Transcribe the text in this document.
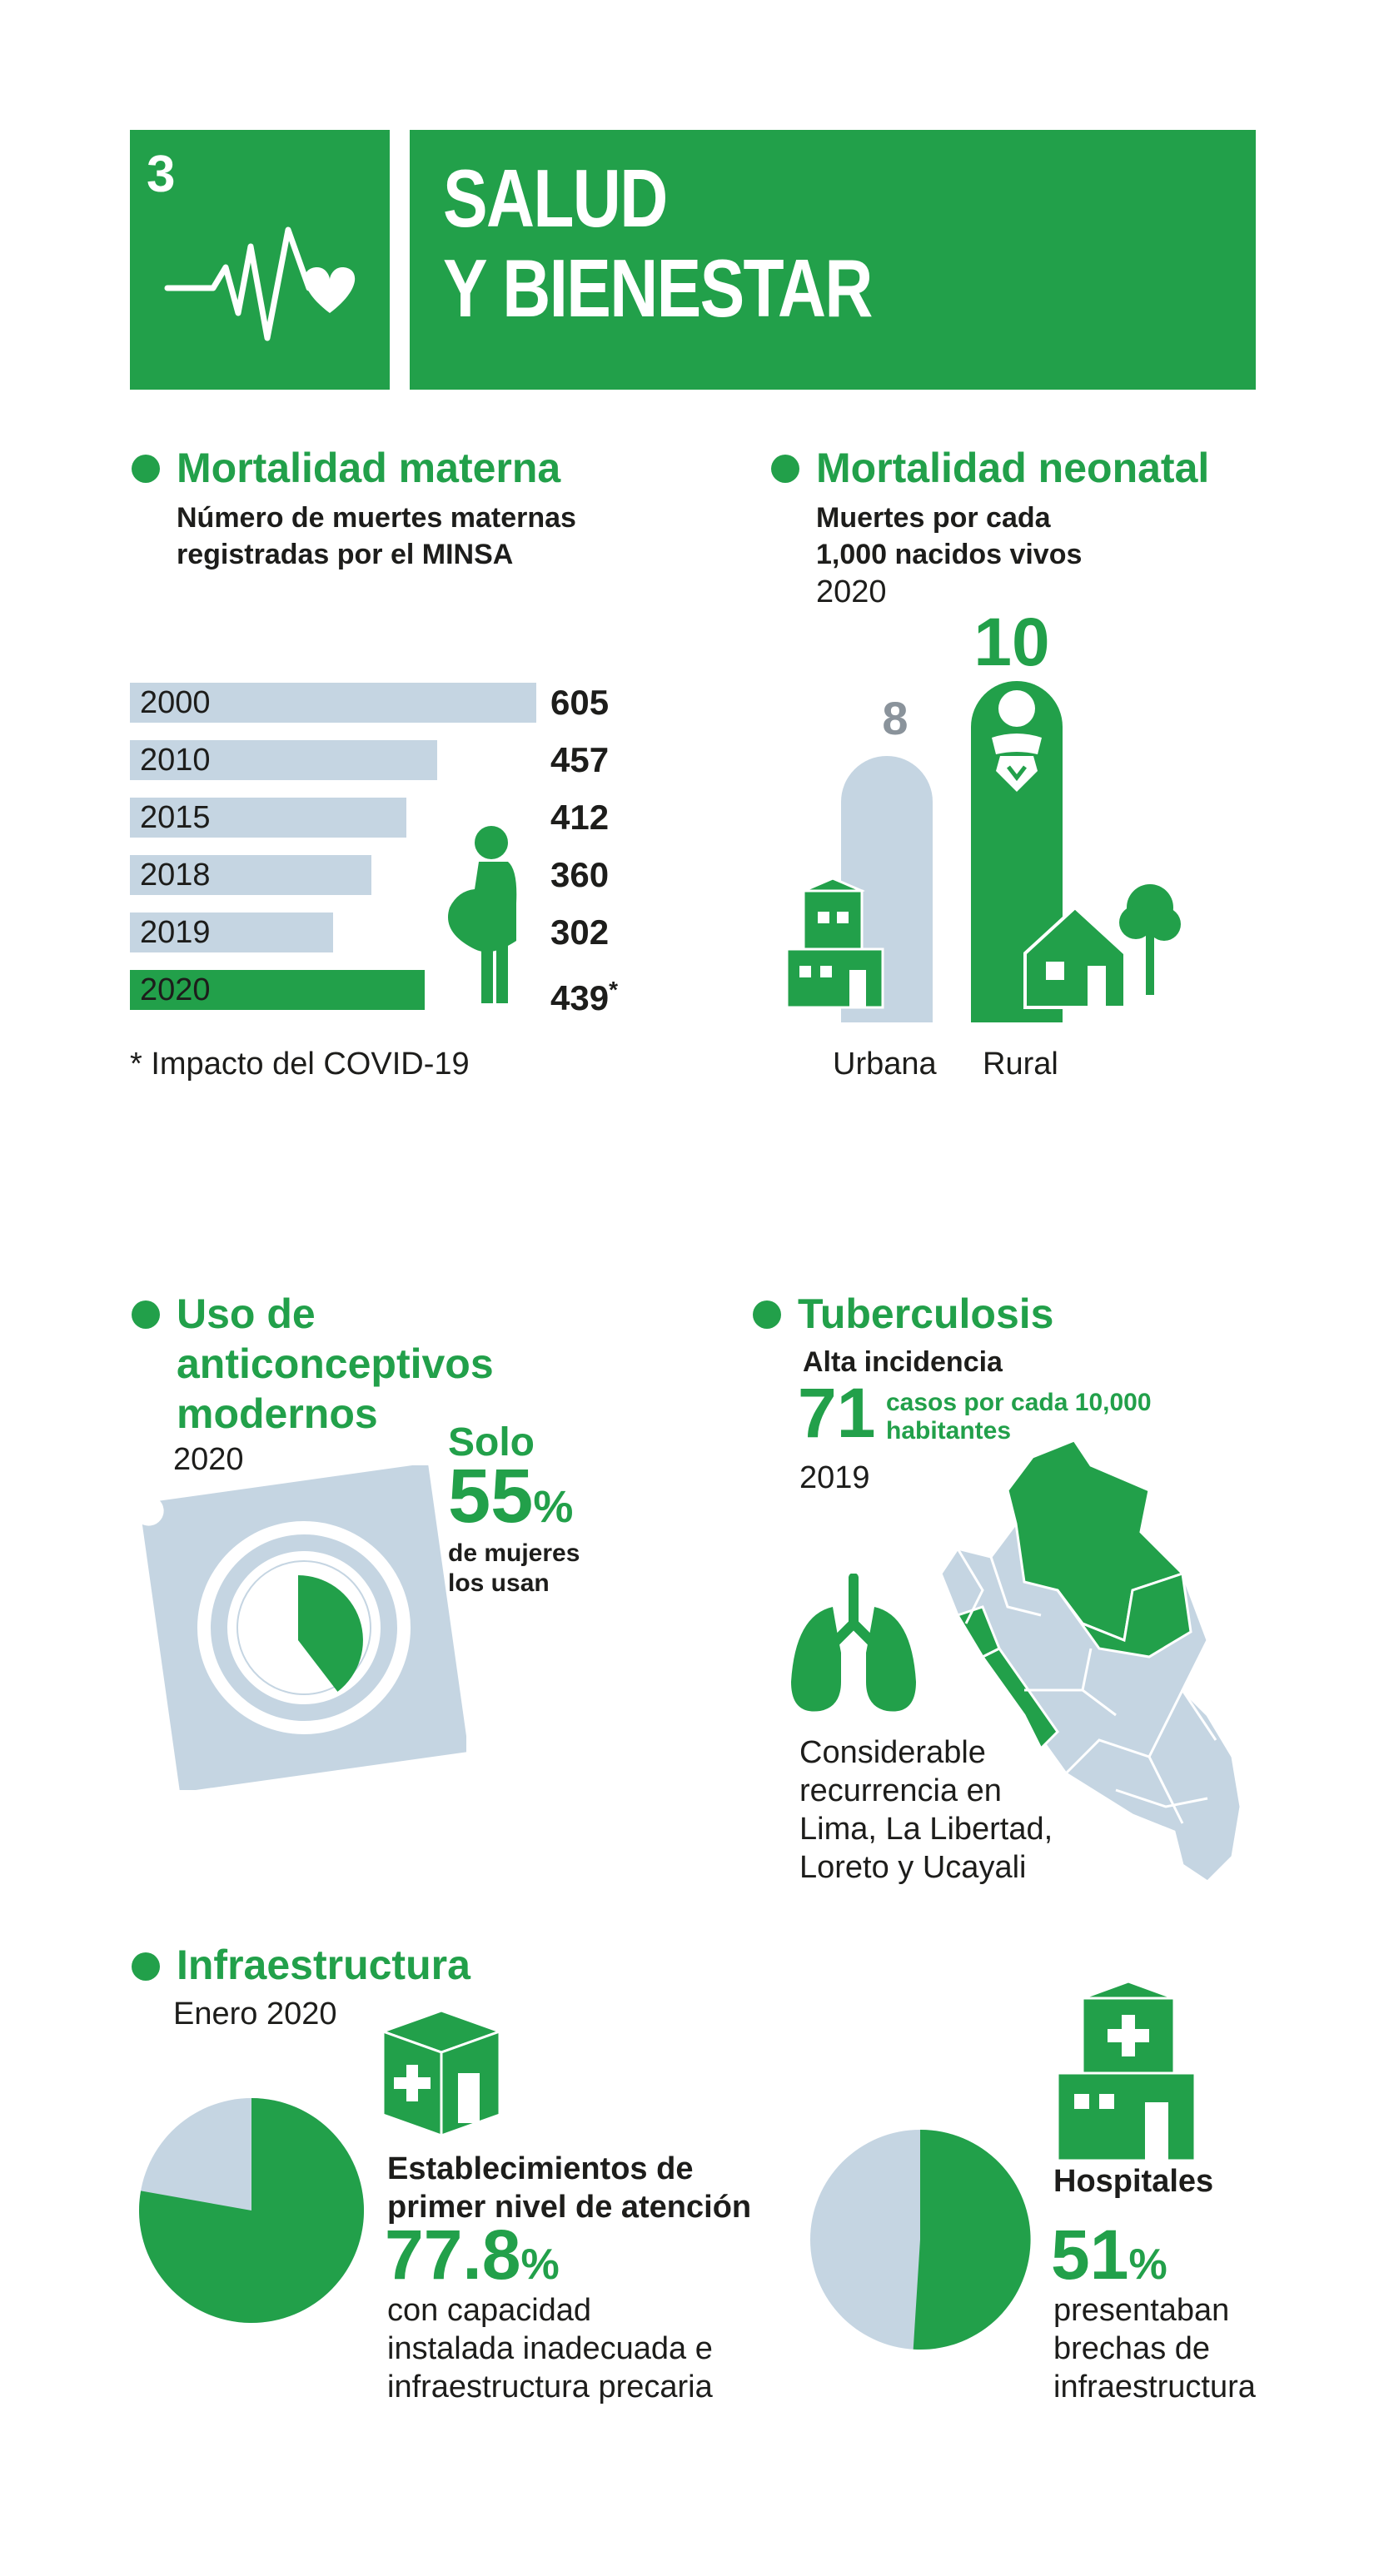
3	SALUD
Y BIENESTAR
Mortalidad materna
Número de muertes maternas
registradas por el MINSA
2000	605
2010	457
2015	412
2018	360
2019	302
2020	439*
* Impacto del COVID-19
Mortalidad neonatal
Muertes por cada
1,000 nacidos vivos
2020
8
10
Urbana Rural
Uso de
anticonceptivos
modernos
2020	Solo
55%
de mujeres
los usan
Tuberculosis
Alta incidencia
71 casos por cada 10,000
habitantes
2019
Considerable
recurrencia en
Lima, La Libertad,
Loreto y Ucayali
Infraestructura
Enero 2020
Establecimientos de
primer nivel de atención
77.8%
con capacidad
instalada inadecuada e
infraestructura precaria
Hospitales
51%
presentaban
brechas de
infraestructura
